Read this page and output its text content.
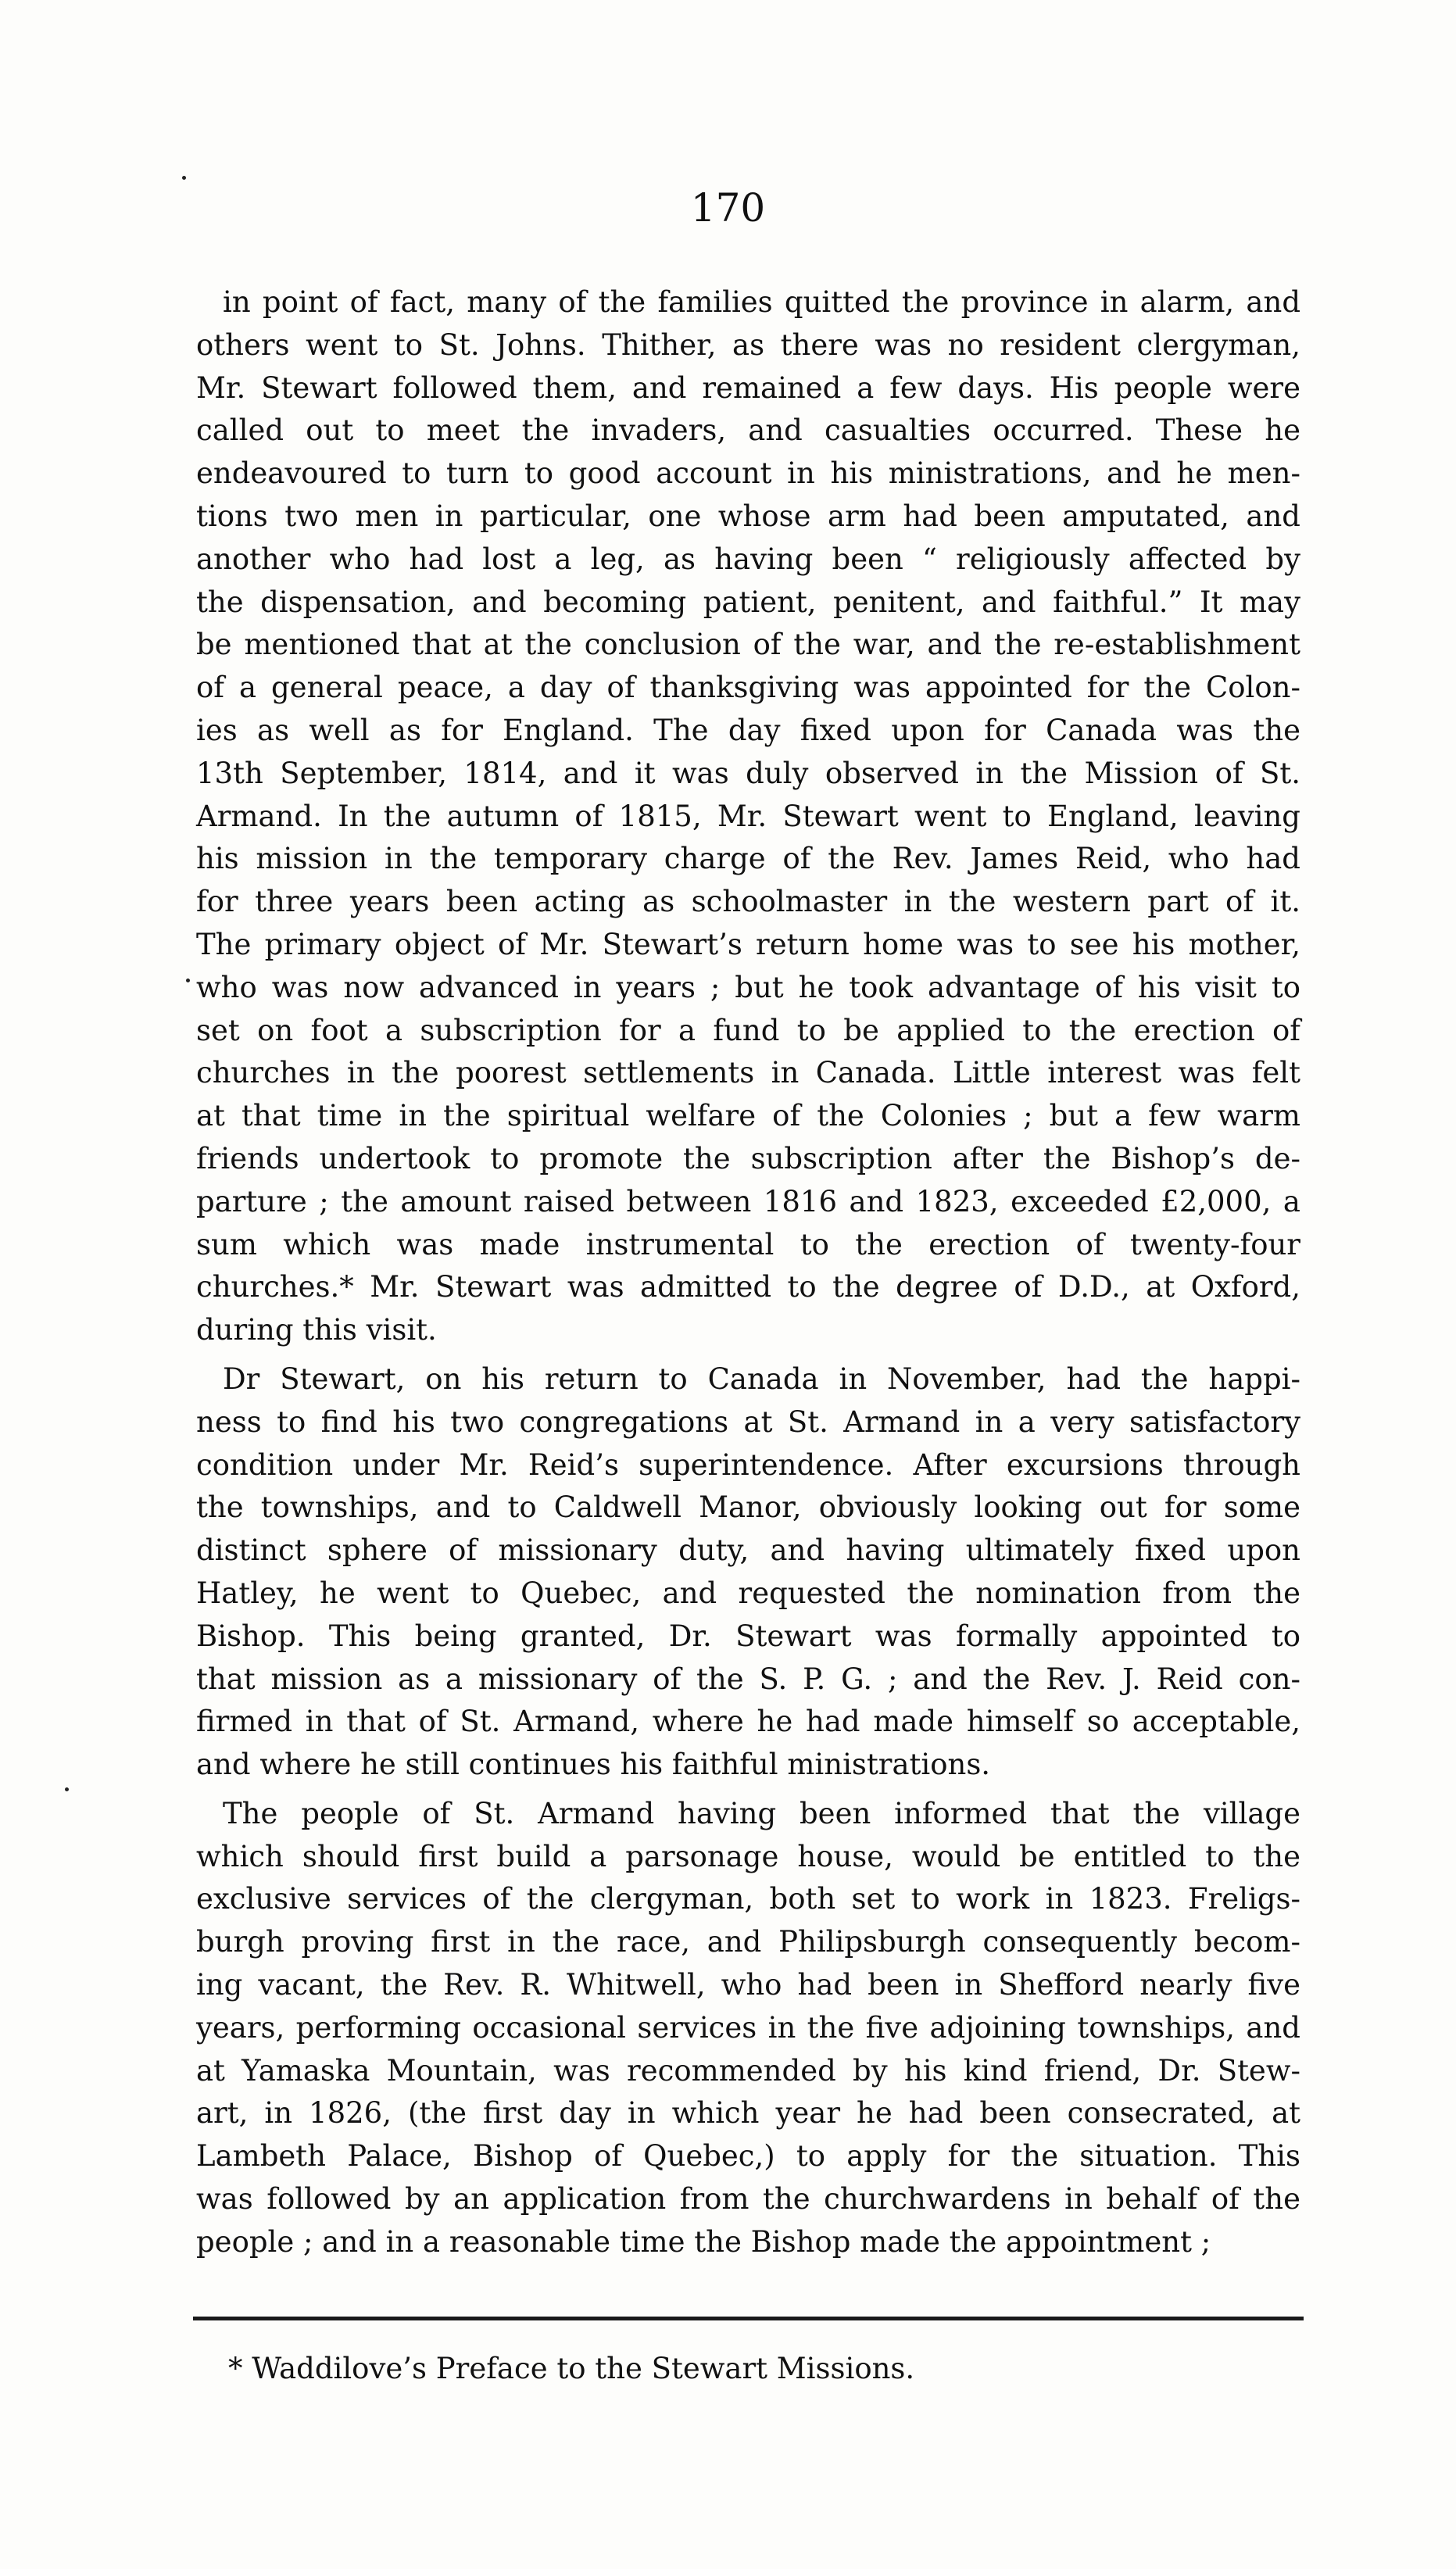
170
in point of fact, many of the families quitted the province in alarm, and
others went to St. Johns. Thither, as there was no resident clergyman,
Mr. Stewart followed them, and remained a few days. His people were
called out to meet the invaders, and casualties occurred. These he
endeavoured to turn to good account in his ministrations, and he men-
tions two men in particular, one whose arm had been amputated, and
another who had lost a leg, as having been “ religiously affected by
the dispensation, and becoming patient, penitent, and faithful.” It may
be mentioned that at the conclusion of the war, and the re-establishment
of a general peace, a day of thanksgiving was appointed for the Colon-
ies as well as for England. The day fixed upon for Canada was the
13th September, 1814, and it was duly observed in the Mission of St.
Armand. In the autumn of 1815, Mr. Stewart went to England, leaving
his mission in the temporary charge of the Rev. James Reid, who had
for three years been acting as schoolmaster in the western part of it.
The primary object of Mr. Stewart’s return home was to see his mother,
who was now advanced in years ; but he took advantage of his visit to
set on foot a subscription for a fund to be applied to the erection of
churches in the poorest settlements in Canada. Little interest was felt
at that time in the spiritual welfare of the Colonies ; but a few warm
friends undertook to promote the subscription after the Bishop’s de-
parture ; the amount raised between 1816 and 1823, exceeded £2,000, a
sum which was made instrumental to the erection of twenty-four
churches.* Mr. Stewart was admitted to the degree of D.D., at Oxford,
during this visit.
Dr Stewart, on his return to Canada in November, had the happi-
ness to find his two congregations at St. Armand in a very satisfactory
condition under Mr. Reid’s superintendence. After excursions through
the townships, and to Caldwell Manor, obviously looking out for some
distinct sphere of missionary duty, and having ultimately fixed upon
Hatley, he went to Quebec, and requested the nomination from the
Bishop. This being granted, Dr. Stewart was formally appointed to
that mission as a missionary of the S. P. G. ; and the Rev. J. Reid con-
firmed in that of St. Armand, where he had made himself so acceptable,
and where he still continues his faithful ministrations.
The people of St. Armand having been informed that the village
which should first build a parsonage house, would be entitled to the
exclusive services of the clergyman, both set to work in 1823. Freligs-
burgh proving first in the race, and Philipsburgh consequently becom-
ing vacant, the Rev. R. Whitwell, who had been in Shefford nearly five
years, performing occasional services in the five adjoining townships, and
at Yamaska Mountain, was recommended by his kind friend, Dr. Stew-
art, in 1826, (the first day in which year he had been consecrated, at
Lambeth Palace, Bishop of Quebec,) to apply for the situation. This
was followed by an application from the churchwardens in behalf of the
people ; and in a reasonable time the Bishop made the appointment ;
* Waddilove’s Preface to the Stewart Missions.
